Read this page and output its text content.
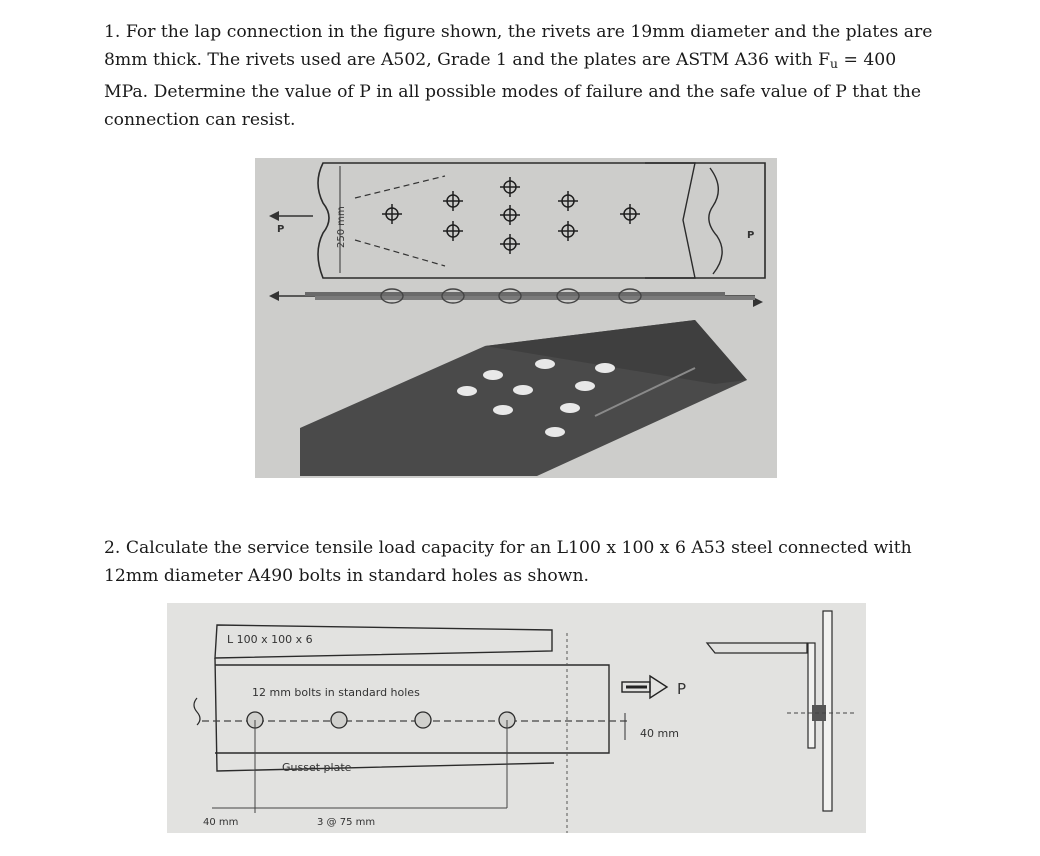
1. For the lap connection in the figure shown, the rivets are 19mm diameter and the plates are 8mm thick. The rivets used are A502, Grade 1 and the plates are ASTM A36 with $F_u = 400$ MPa. Determine the value of P in all possible modes of failure and the safe value of P that the connection can resist.

250 mm
P
P

2. Calculate the service tensile load capacity for an L100 x 100 x 6 A53 steel connected with 12mm diameter A490 bolts in standard holes as shown.

L 100 x 100 x 6
12 mm bolts in standard holes
Gusset plate
40 mm	3 @ 75 mm
P
40 mm
